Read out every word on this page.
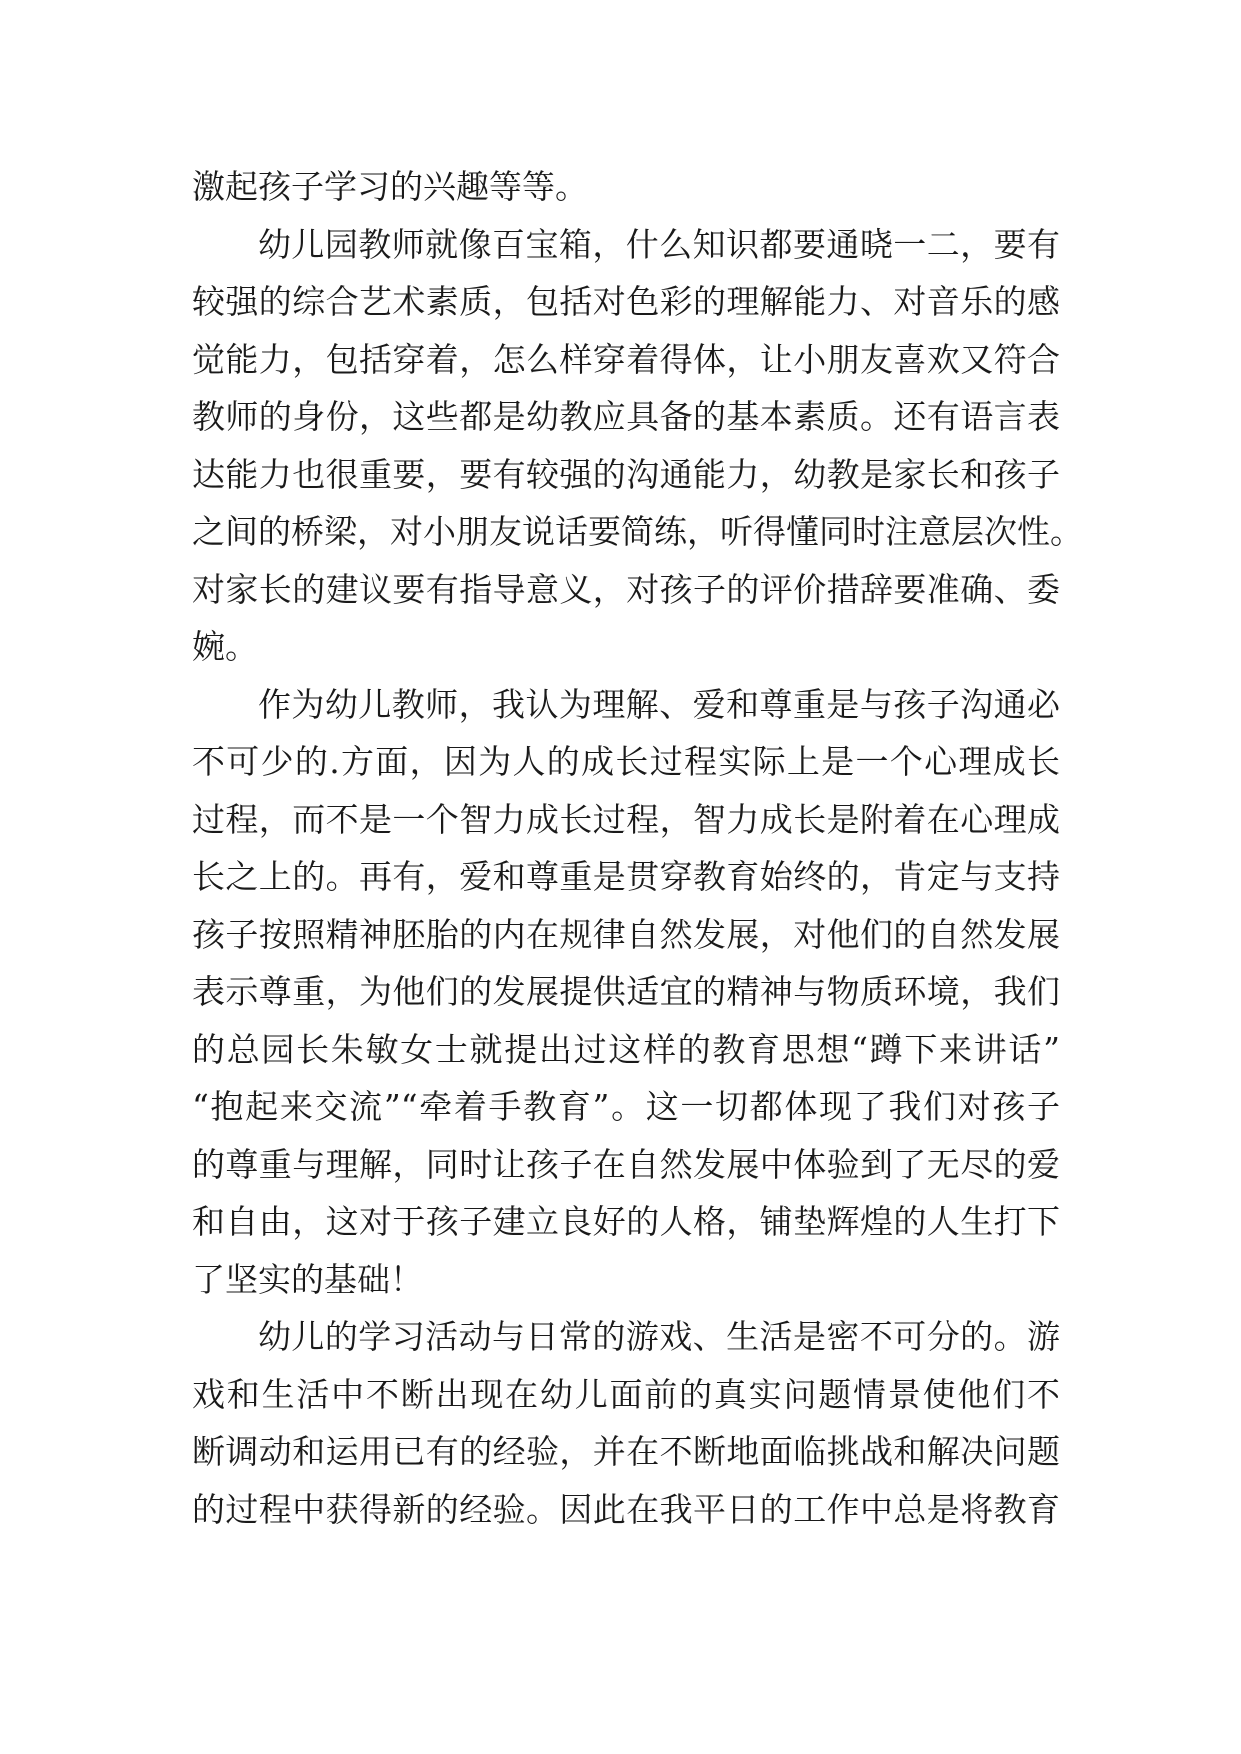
激起孩子学习的兴趣等等。
幼儿园教师就像百宝箱，什么知识都要通晓一二，要有
较强的综合艺术素质，包括对色彩的理解能力、对音乐的感
觉能力，包括穿着，怎么样穿着得体，让小朋友喜欢又符合
教师的身份，这些都是幼教应具备的基本素质。还有语言表
达能力也很重要，要有较强的沟通能力，幼教是家长和孩子
之间的桥梁，对小朋友说话要简练，听得懂同时注意层次性。
对家长的建议要有指导意义，对孩子的评价措辞要准确、委
婉。
作为幼儿教师，我认为理解、爱和尊重是与孩子沟通必
不可少的.方面，因为人的成长过程实际上是一个心理成长
过程，而不是一个智力成长过程，智力成长是附着在心理成
长之上的。再有，爱和尊重是贯穿教育始终的，肯定与支持
孩子按照精神胚胎的内在规律自然发展，对他们的自然发展
表示尊重，为他们的发展提供适宜的精神与物质环境，我们
的总园长朱敏女士就提出过这样的教育思想“蹲下来讲话”
“抱起来交流”“牵着手教育”。这一切都体现了我们对孩子
的尊重与理解，同时让孩子在自然发展中体验到了无尽的爱
和自由，这对于孩子建立良好的人格，铺垫辉煌的人生打下
了坚实的基础！
幼儿的学习活动与日常的游戏、生活是密不可分的。游
戏和生活中不断出现在幼儿面前的真实问题情景使他们不
断调动和运用已有的经验，并在不断地面临挑战和解决问题
的过程中获得新的经验。因此在我平日的工作中总是将教育
